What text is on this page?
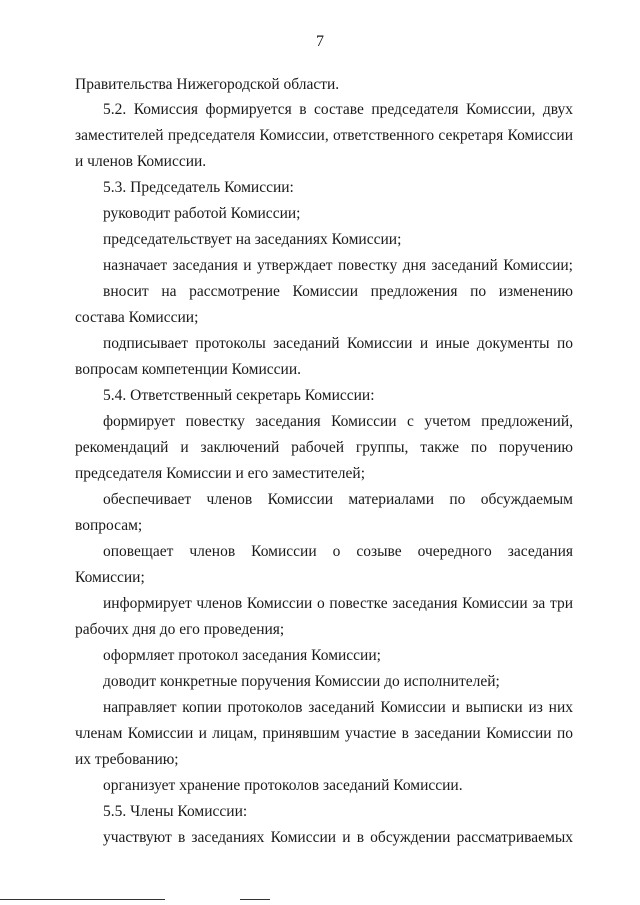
7
Правительства Нижегородской области.
5.2. Комиссия формируется в составе председателя Комиссии, двух
заместителей председателя Комиссии, ответственного секретаря Комиссии
и членов Комиссии.
5.3. Председатель Комиссии:
руководит работой Комиссии;
председательствует на заседаниях Комиссии;
назначает заседания и утверждает повестку дня заседаний Комиссии;
вносит на рассмотрение Комиссии предложения по изменению
состава Комиссии;
подписывает протоколы заседаний Комиссии и иные документы по
вопросам компетенции Комиссии.
5.4. Ответственный секретарь Комиссии:
формирует повестку заседания Комиссии с учетом предложений,
рекомендаций и заключений рабочей группы, также по поручению
председателя Комиссии и его заместителей;
обеспечивает членов Комиссии материалами по обсуждаемым
вопросам;
оповещает членов Комиссии о созыве очередного заседания
Комиссии;
информирует членов Комиссии о повестке заседания Комиссии за три
рабочих дня до его проведения;
оформляет протокол заседания Комиссии;
доводит конкретные поручения Комиссии до исполнителей;
направляет копии протоколов заседаний Комиссии и выписки из них
членам Комиссии и лицам, принявшим участие в заседании Комиссии по
их требованию;
организует хранение протоколов заседаний Комиссии.
5.5. Члены Комиссии:
участвуют в заседаниях Комиссии и в обсуждении рассматриваемых
